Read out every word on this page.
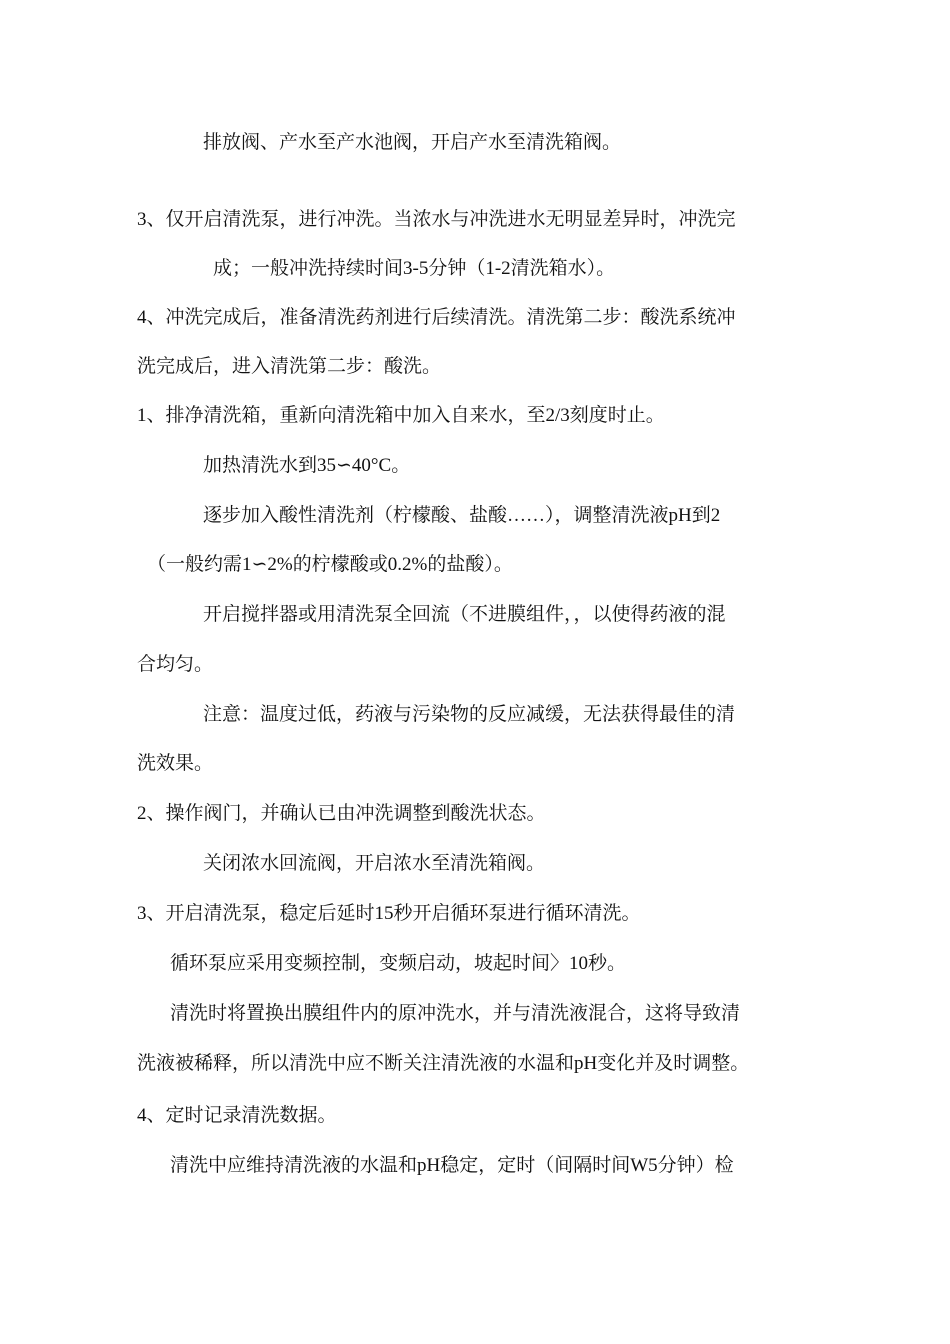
排放阀、产水至产水池阀，开启产水至清洗箱阀。
3、仅开启清洗泵，进行冲洗。当浓水与冲洗进水无明显差异时，冲洗完
成；一般冲洗持续时间3-5分钟（1-2清洗箱水）。
4、冲洗完成后，准备清洗药剂进行后续清洗。清洗第二步：酸洗系统冲
洗完成后，进入清洗第二步：酸洗。
1、排净清洗箱，重新向清洗箱中加入自来水，至2/3刻度时止。
加热清洗水到35∽40°C。
逐步加入酸性清洗剂（柠檬酸、盐酸……），调整清洗液pH到2
（一般约需1∽2%的柠檬酸或0.2%的盐酸）。
开启搅拌器或用清洗泵全回流（不进膜组件，，以使得药液的混
合均匀。
注意：温度过低，药液与污染物的反应减缓，无法获得最佳的清
洗效果。
2、操作阀门，并确认已由冲洗调整到酸洗状态。
关闭浓水回流阀，开启浓水至清洗箱阀。
3、开启清洗泵，稳定后延时15秒开启循环泵进行循环清洗。
循环泵应采用变频控制，变频启动，坡起时间〉10秒。
清洗时将置换出膜组件内的原冲洗水，并与清洗液混合，这将导致清
洗液被稀释，所以清洗中应不断关注清洗液的水温和pH变化并及时调整。
4、定时记录清洗数据。
清洗中应维持清洗液的水温和pH稳定，定时（间隔时间W5分钟）检
